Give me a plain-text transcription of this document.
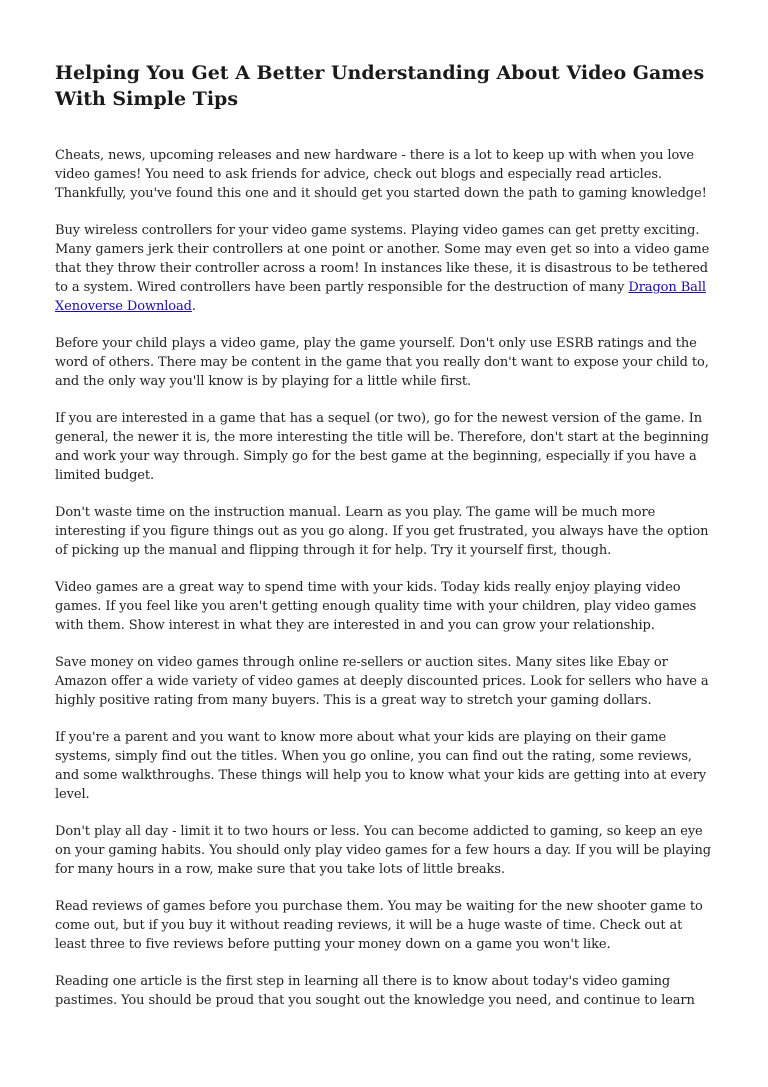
Helping You Get A Better Understanding About Video Games With Simple Tips

Cheats, news, upcoming releases and new hardware - there is a lot to keep up with when you love video games! You need to ask friends for advice, check out blogs and especially read articles. Thankfully, you've found this one and it should get you started down the path to gaming knowledge!

Buy wireless controllers for your video game systems. Playing video games can get pretty exciting. Many gamers jerk their controllers at one point or another. Some may even get so into a video game that they throw their controller across a room! In instances like these, it is disastrous to be tethered to a system. Wired controllers have been partly responsible for the destruction of many Dragon Ball Xenoverse Download.

Before your child plays a video game, play the game yourself. Don't only use ESRB ratings and the word of others. There may be content in the game that you really don't want to expose your child to, and the only way you'll know is by playing for a little while first.

If you are interested in a game that has a sequel (or two), go for the newest version of the game. In general, the newer it is, the more interesting the title will be. Therefore, don't start at the beginning and work your way through. Simply go for the best game at the beginning, especially if you have a limited budget.

Don't waste time on the instruction manual. Learn as you play. The game will be much more interesting if you figure things out as you go along. If you get frustrated, you always have the option of picking up the manual and flipping through it for help. Try it yourself first, though.

Video games are a great way to spend time with your kids. Today kids really enjoy playing video games. If you feel like you aren't getting enough quality time with your children, play video games with them. Show interest in what they are interested in and you can grow your relationship.

Save money on video games through online re-sellers or auction sites. Many sites like Ebay or Amazon offer a wide variety of video games at deeply discounted prices. Look for sellers who have a highly positive rating from many buyers. This is a great way to stretch your gaming dollars.

If you're a parent and you want to know more about what your kids are playing on their game systems, simply find out the titles. When you go online, you can find out the rating, some reviews, and some walkthroughs. These things will help you to know what your kids are getting into at every level.

Don't play all day - limit it to two hours or less. You can become addicted to gaming, so keep an eye on your gaming habits. You should only play video games for a few hours a day. If you will be playing for many hours in a row, make sure that you take lots of little breaks.

Read reviews of games before you purchase them. You may be waiting for the new shooter game to come out, but if you buy it without reading reviews, it will be a huge waste of time. Check out at least three to five reviews before putting your money down on a game you won't like.

Reading one article is the first step in learning all there is to know about today's video gaming pastimes. You should be proud that you sought out the knowledge you need, and continue to learn
